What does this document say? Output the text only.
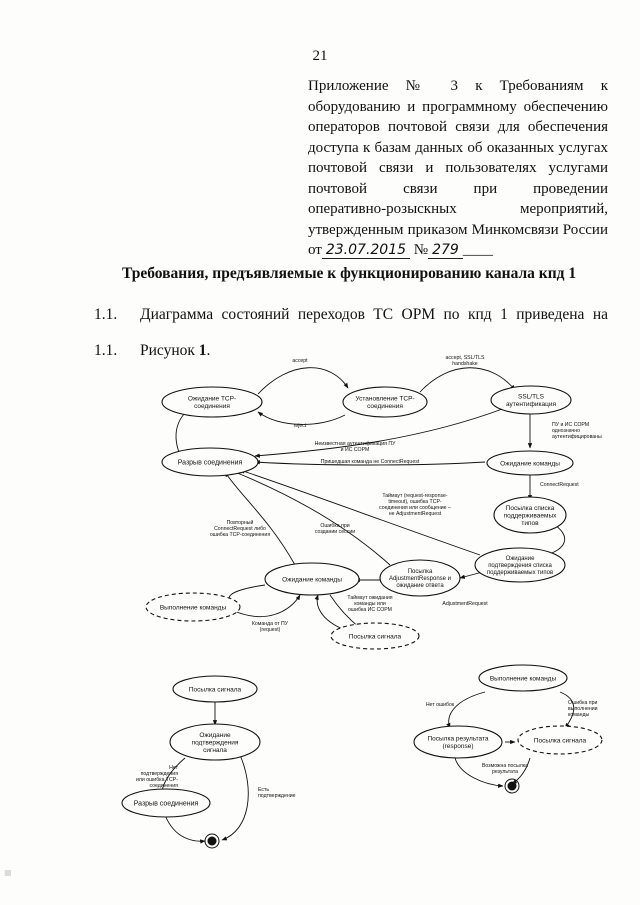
21
Приложение № 3 к Требованиям к
оборудованию и программному обеспечению
операторов почтовой связи для обеспечения
доступа к базам данных об оказанных услугах
почтовой связи и пользователях услугами
почтовой связи при проведении
оперативно-розыскных мероприятий,
утвержденным приказом Минкомсвязи России
от 23.07.2015 № 279 ____
Требования, предъявляемые к функционированию канала кпд 1
1.1. Диаграмма состояний переходов ТС ОРМ по кпд 1 приведена на
1.1. Рисунок 1.
Ожидание TCP-соединения
Установление TCP-соединения
SSL/TLS аутентификация
Разрыв соединения	Ожидание команды
Посылка списка поддерживаемых типов
Ожидание подтверждения списка поддерживаемых типов
Посылка AdjustmentResponse и ожидание ответа
Ожидание команды
Выполнение команды
Посылка сигнала
Посылка сигнала
Ожидание подтверждения сигнала
Разрыв соединения
Выполнение команды
Посылка результата (response)
Посылка сигнала
accept	accept, SSL/TLS handshake
reject	ПУ и ИС СОРМ однозначно аутентифицированы
Неизвестная аутентификация ПУ и ИС СОРМ
Пришедшая команда не ConnectRequest
ConnectRequest
Таймаут (request-response-timeout), ошибка TCP-соединения или сообщение – не AdjustmentRequest
Повторный ConnectRequest либо ошибка TCP-соединения
Ошибка при создании сессии
AdjustmentRequest
Таймаут ожидания команды или ошибка ИС СОРМ
Команда от ПУ (request)
Нет подтверждения или ошибка TCP-соединения
Есть подтверждение
Нет ошибок	Ошибка при выполнении команды
Возможна посылка результата
|||
